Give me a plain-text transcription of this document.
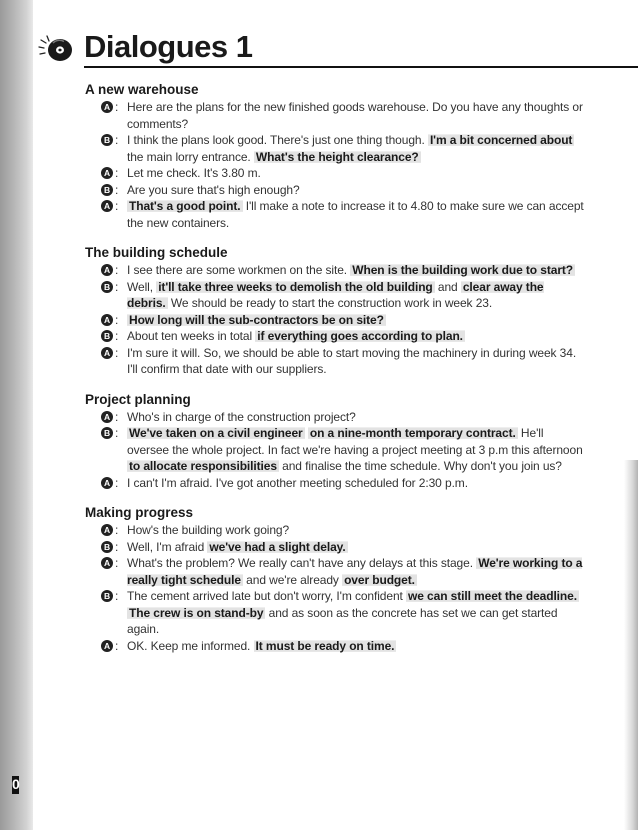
0
Dialogues 1
A new warehouse
A : Here are the plans for the new finished goods warehouse. Do you have any thoughts or comments?
B : I think the plans look good. There's just one thing though. I'm a bit concerned about the main lorry entrance. What's the height clearance?
A : Let me check. It's 3.80 m.
B : Are you sure that's high enough?
A : That's a good point. I'll make a note to increase it to 4.80 to make sure we can accept the new containers.
The building schedule
A : I see there are some workmen on the site. When is the building work due to start?
B : Well, it'll take three weeks to demolish the old building and clear away the debris. We should be ready to start the construction work in week 23.
A : How long will the sub-contractors be on site?
B : About ten weeks in total if everything goes according to plan.
A : I'm sure it will. So, we should be able to start moving the machinery in during week 34. I'll confirm that date with our suppliers.
Project planning
A : Who's in charge of the construction project?
B : We've taken on a civil engineer on a nine-month temporary contract. He'll oversee the whole project. In fact we're having a project meeting at 3 p.m this afternoon to allocate responsibilities and finalise the time schedule. Why don't you join us?
A : I can't I'm afraid. I've got another meeting scheduled for 2:30 p.m.
Making progress
A : How's the building work going?
B : Well, I'm afraid we've had a slight delay.
A : What's the problem? We really can't have any delays at this stage. We're working to a really tight schedule and we're already over budget.
B : The cement arrived late but don't worry, I'm confident we can still meet the deadline. The crew is on stand-by and as soon as the concrete has set we can get started again.
A : OK. Keep me informed. It must be ready on time.
